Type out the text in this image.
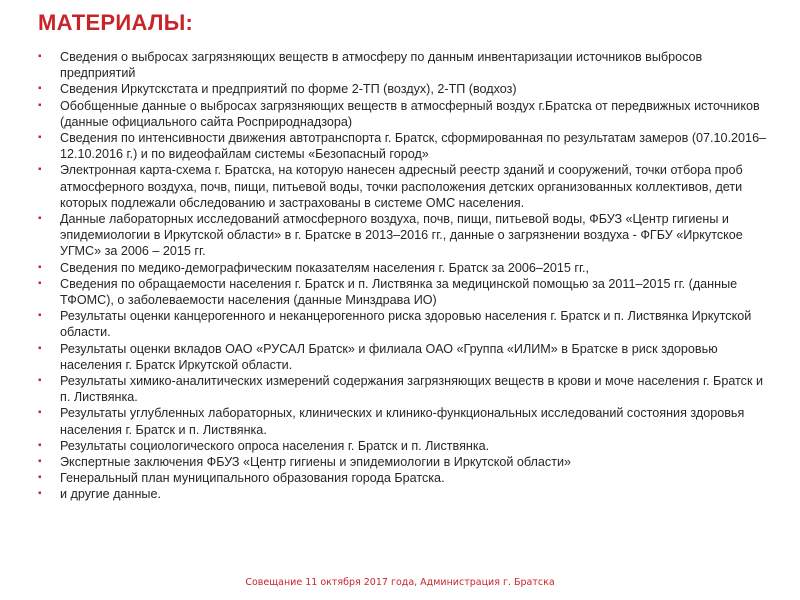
МАТЕРИАЛЫ:
▪	Сведения о выбросах загрязняющих веществ в атмосферу по данным инвентаризации источников выбросов предприятий
▪	Сведения Иркутскстата и предприятий по форме 2-ТП (воздух), 2-ТП (водхоз)
▪	Обобщенные данные о выбросах загрязняющих веществ в атмосферный воздух г.Братска от передвижных источников (данные официального сайта Росприроднадзора)
▪	Сведения по интенсивности движения автотранспорта г. Братск, сформированная по результатам замеров (07.10.2016–12.10.2016 г.) и по видеофайлам системы «Безопасный город»
▪	Электронная карта-схема г. Братска, на которую нанесен адресный реестр зданий и сооружений, точки отбора проб атмосферного воздуха, почв, пищи, питьевой воды, точки расположения детских организованных коллективов, дети которых подлежали обследованию и застрахованы в системе ОМС населения.
▪	Данные лабораторных исследований атмосферного воздуха, почв, пищи, питьевой воды, ФБУЗ «Центр гигиены и эпидемиологии в Иркутской области» в г. Братске в 2013–2016 гг., данные о загрязнении воздуха - ФГБУ «Иркутское УГМС» за 2006 – 2015 гг.
▪	Сведения по медико-демографическим показателям населения г. Братск за 2006–2015 гг.,
▪	Сведения по обращаемости населения г. Братск и п. Листвянка за медицинской помощью за 2011–2015 гг. (данные ТФОМС), о заболеваемости населения (данные Минздрава ИО)
▪	Результаты оценки канцерогенного и неканцерогенного риска здоровью населения г. Братск и п. Листвянка Иркутской области.
▪	Результаты оценки вкладов ОАО «РУСАЛ Братск» и филиала ОАО «Группа «ИЛИМ» в Братске в риск здоровью населения г. Братск Иркутской области.
▪	Результаты химико-аналитических измерений содержания загрязняющих веществ в крови и моче населения г. Братск и п. Листвянка.
▪	Результаты углубленных лабораторных, клинических и клинико-функциональных исследований состояния здоровья населения г. Братск и п. Листвянка.
▪	Результаты социологического опроса населения г. Братск и п. Листвянка.
▪	Экспертные заключения ФБУЗ «Центр гигиены и эпидемиологии в Иркутской области»
▪	Генеральный план муниципального образования города Братска.
▪	и другие данные.
Совещание 11 октября 2017 года, Администрация г. Братска
